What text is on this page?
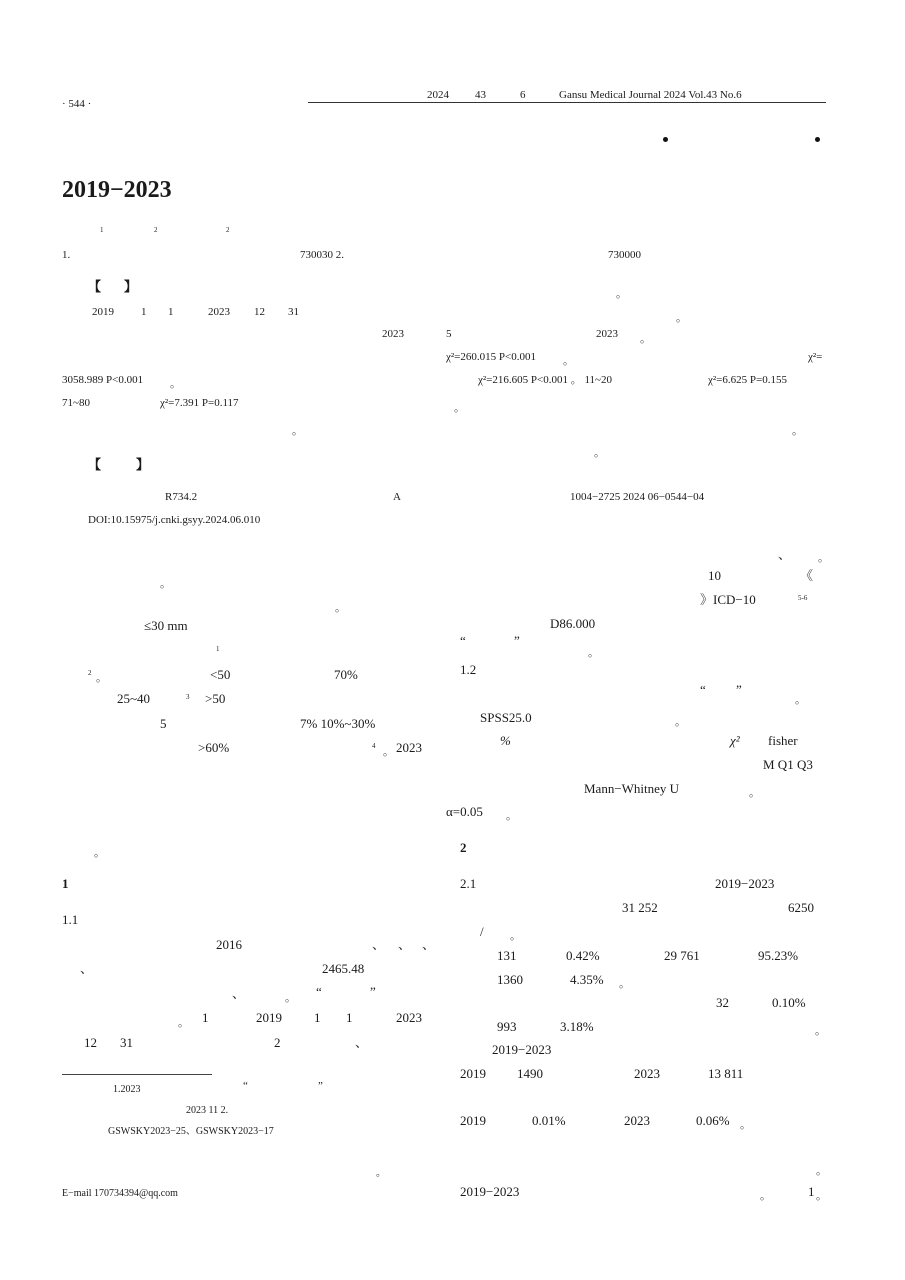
· 544 ·
2024 43	6	Gansu Medical Journal 2024 Vol.43 No.6
2019−2023
1	2	2
1.	730030 2.	730000
【 】	。
2019 1 1	2023 12 31	。
2023	5	2023 。
χ²=260.015 P<0.001 。	χ²=
3058.989 P<0.001 。	χ²=216.605 P<0.001 。 11~20	χ²=6.625 P=0.155
71~80	χ²=7.391 P=0.117	。
。	。
。
【	】
R734.2	A	1004−2725 2024 06−0544−04
DOI:10.15975/j.cnki.gsyy.2024.06.010
。
。
≤30 mm
1
2 。	<50	70%
25~40	3 >50
5	7% 10%~30%
>60%	4 。 2023
。
1
1.1
2016	、 、 、
、	2465.48
、	。 “	”
。 1	2019 1 1	2023
12 31	2	、
1.2023	“	”
2023 11 2.
GSWSKY2023−25、GSWSKY2023−17
。
E−mail 170734394@qq.com
、 。
10	《
》ICD−10	5-6
D86.000
“	”
。
1.2
“ ”
。
SPSS25.0	。
%	χ² fisher
M Q1 Q3
Mann−Whitney U	。
α=0.05 。
2
2.1	2019−2023
31 252	6250
/ 。
131	0.42%	29 761	95.23%
1360	4.35% 。
32	0.10%
993	3.18%	。
2019−2023
2019 1490	2023	13 811
2019	0.01%	2023	0.06% 。
。
2019−2023	。	1 。
